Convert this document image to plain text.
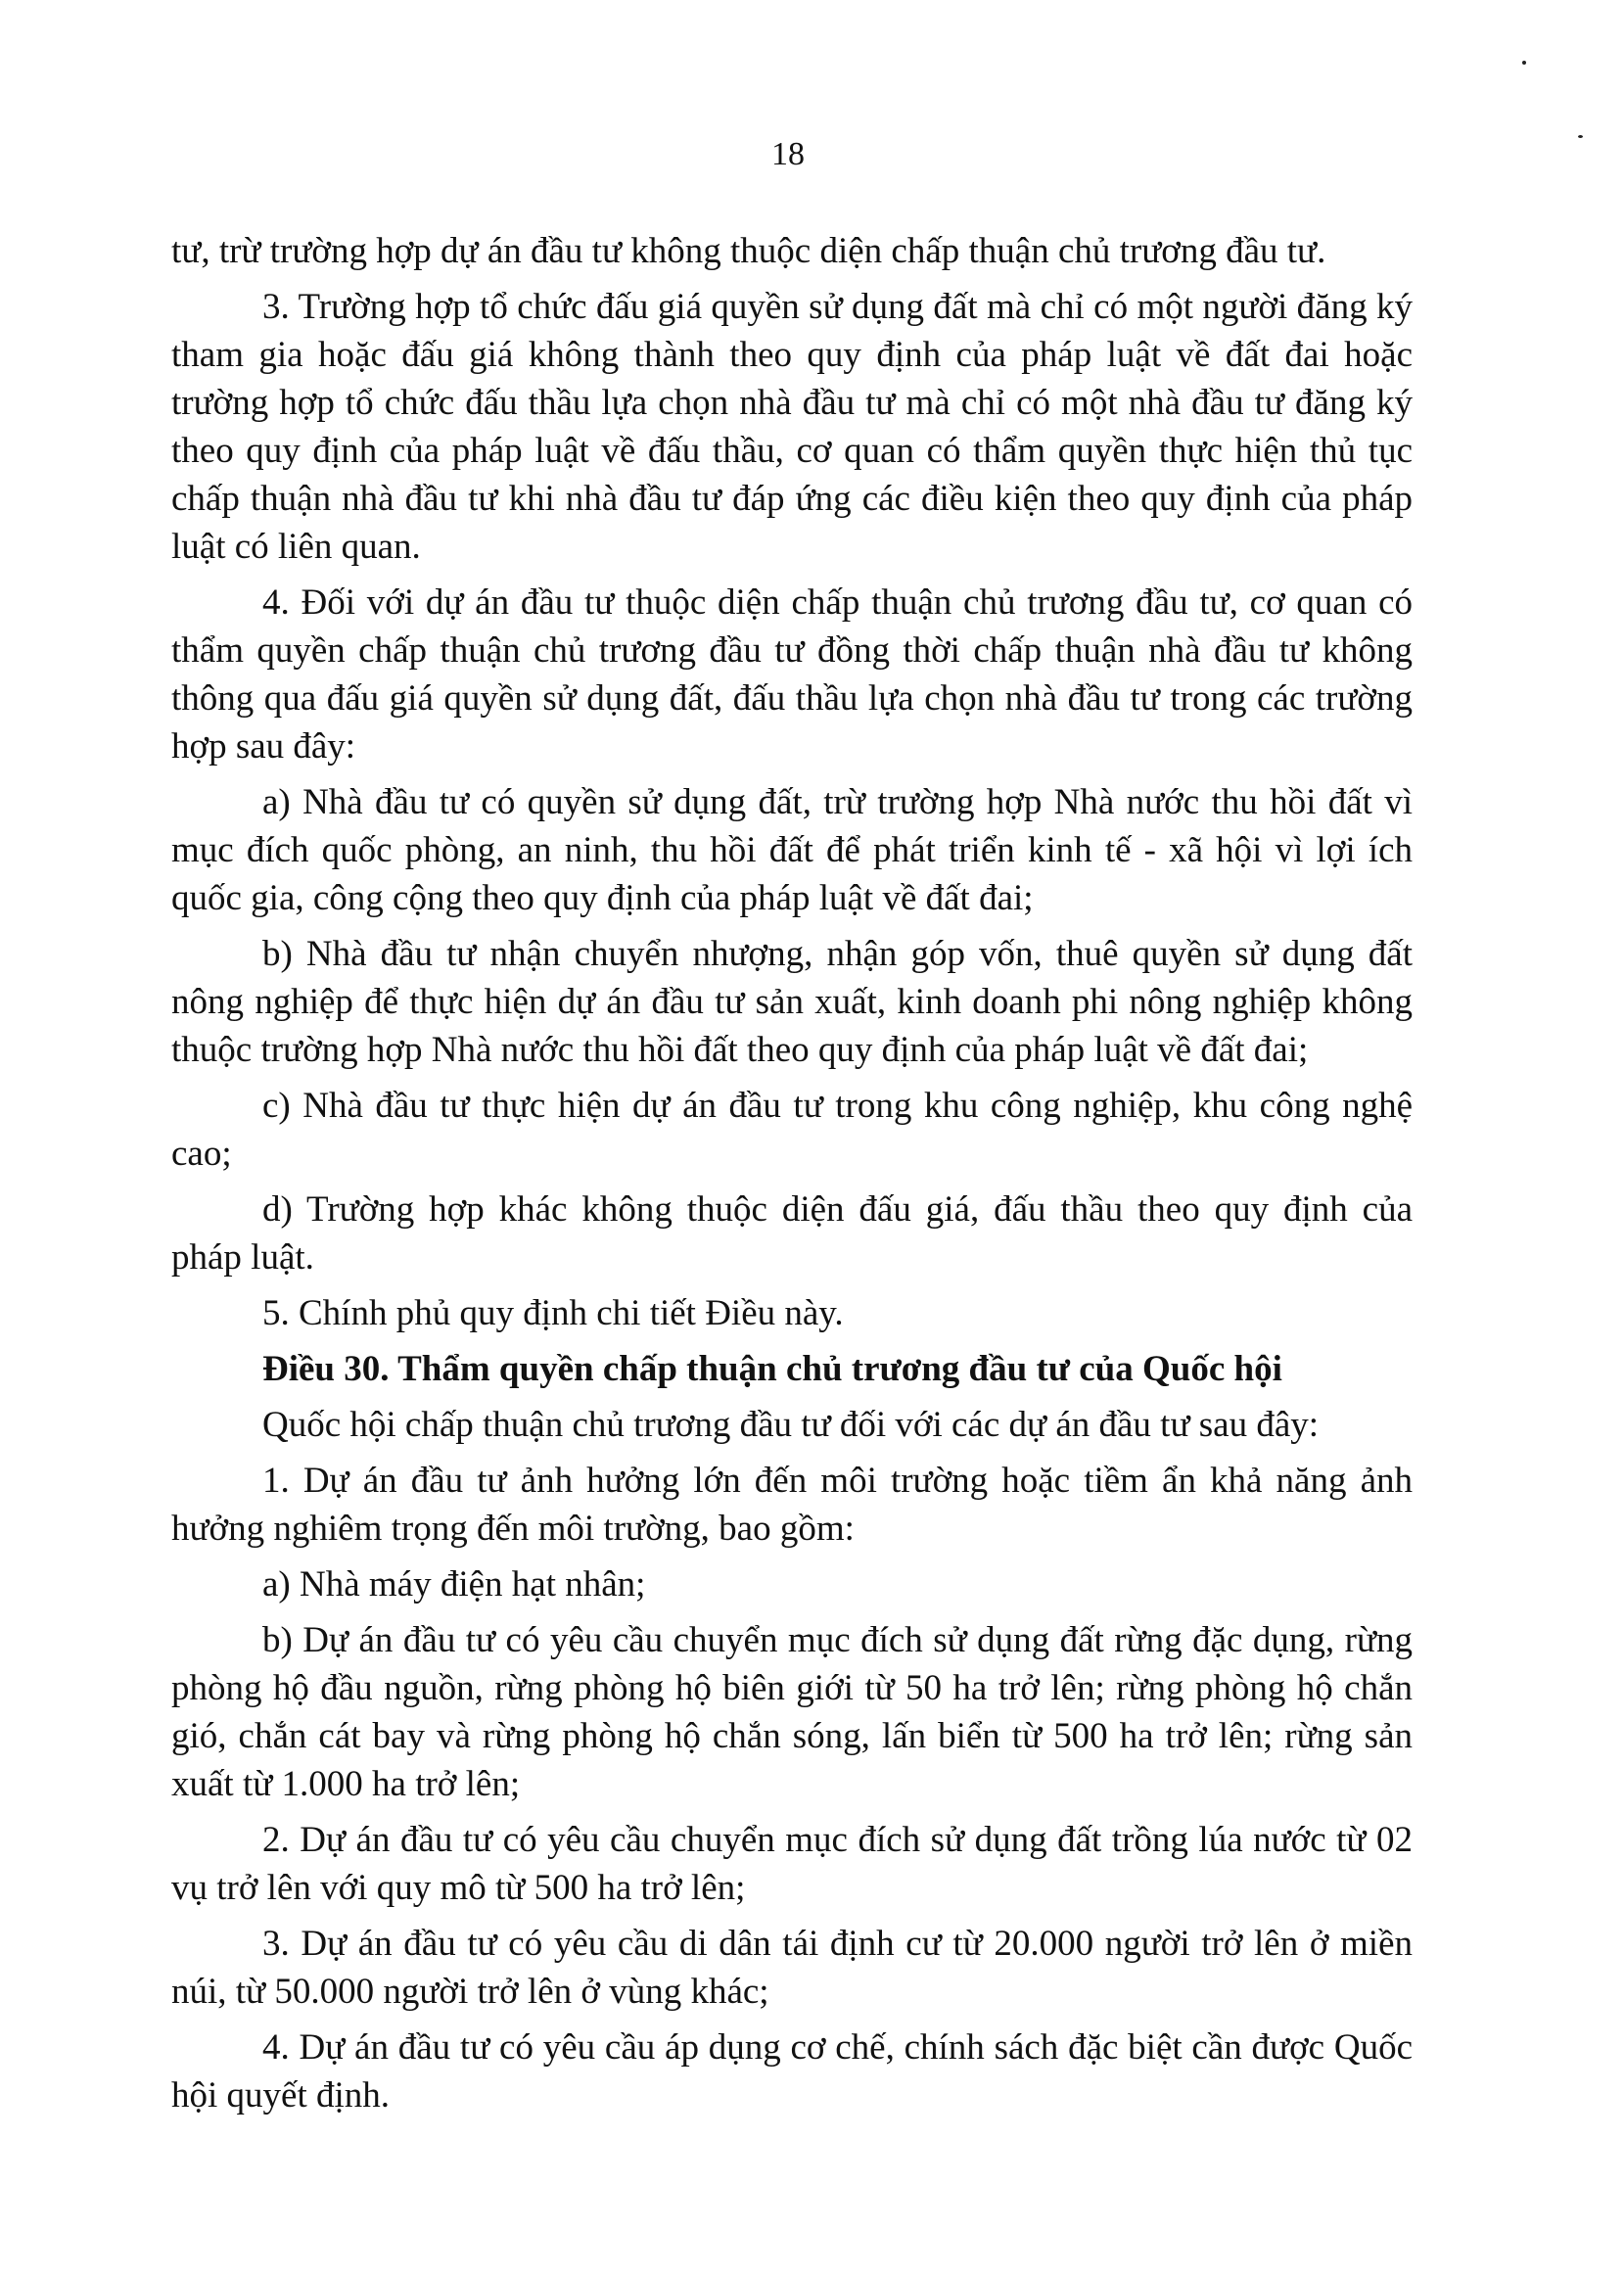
18

tư, trừ trường hợp dự án đầu tư không thuộc diện chấp thuận chủ trương đầu tư.

3. Trường hợp tổ chức đấu giá quyền sử dụng đất mà chỉ có một người đăng ký tham gia hoặc đấu giá không thành theo quy định của pháp luật về đất đai hoặc trường hợp tổ chức đấu thầu lựa chọn nhà đầu tư mà chỉ có một nhà đầu tư đăng ký theo quy định của pháp luật về đấu thầu, cơ quan có thẩm quyền thực hiện thủ tục chấp thuận nhà đầu tư khi nhà đầu tư đáp ứng các điều kiện theo quy định của pháp luật có liên quan.

4. Đối với dự án đầu tư thuộc diện chấp thuận chủ trương đầu tư, cơ quan có thẩm quyền chấp thuận chủ trương đầu tư đồng thời chấp thuận nhà đầu tư không thông qua đấu giá quyền sử dụng đất, đấu thầu lựa chọn nhà đầu tư trong các trường hợp sau đây:

a) Nhà đầu tư có quyền sử dụng đất, trừ trường hợp Nhà nước thu hồi đất vì mục đích quốc phòng, an ninh, thu hồi đất để phát triển kinh tế - xã hội vì lợi ích quốc gia, công cộng theo quy định của pháp luật về đất đai;

b) Nhà đầu tư nhận chuyển nhượng, nhận góp vốn, thuê quyền sử dụng đất nông nghiệp để thực hiện dự án đầu tư sản xuất, kinh doanh phi nông nghiệp không thuộc trường hợp Nhà nước thu hồi đất theo quy định của pháp luật về đất đai;

c) Nhà đầu tư thực hiện dự án đầu tư trong khu công nghiệp, khu công nghệ cao;

d) Trường hợp khác không thuộc diện đấu giá, đấu thầu theo quy định của pháp luật.

5. Chính phủ quy định chi tiết Điều này.

Điều 30. Thẩm quyền chấp thuận chủ trương đầu tư của Quốc hội

Quốc hội chấp thuận chủ trương đầu tư đối với các dự án đầu tư sau đây:

1. Dự án đầu tư ảnh hưởng lớn đến môi trường hoặc tiềm ẩn khả năng ảnh hưởng nghiêm trọng đến môi trường, bao gồm:

a) Nhà máy điện hạt nhân;

b) Dự án đầu tư có yêu cầu chuyển mục đích sử dụng đất rừng đặc dụng, rừng phòng hộ đầu nguồn, rừng phòng hộ biên giới từ 50 ha trở lên; rừng phòng hộ chắn gió, chắn cát bay và rừng phòng hộ chắn sóng, lấn biển từ 500 ha trở lên; rừng sản xuất từ 1.000 ha trở lên;

2. Dự án đầu tư có yêu cầu chuyển mục đích sử dụng đất trồng lúa nước từ 02 vụ trở lên với quy mô từ 500 ha trở lên;

3. Dự án đầu tư có yêu cầu di dân tái định cư từ 20.000 người trở lên ở miền núi, từ 50.000 người trở lên ở vùng khác;

4. Dự án đầu tư có yêu cầu áp dụng cơ chế, chính sách đặc biệt cần được Quốc hội quyết định.
